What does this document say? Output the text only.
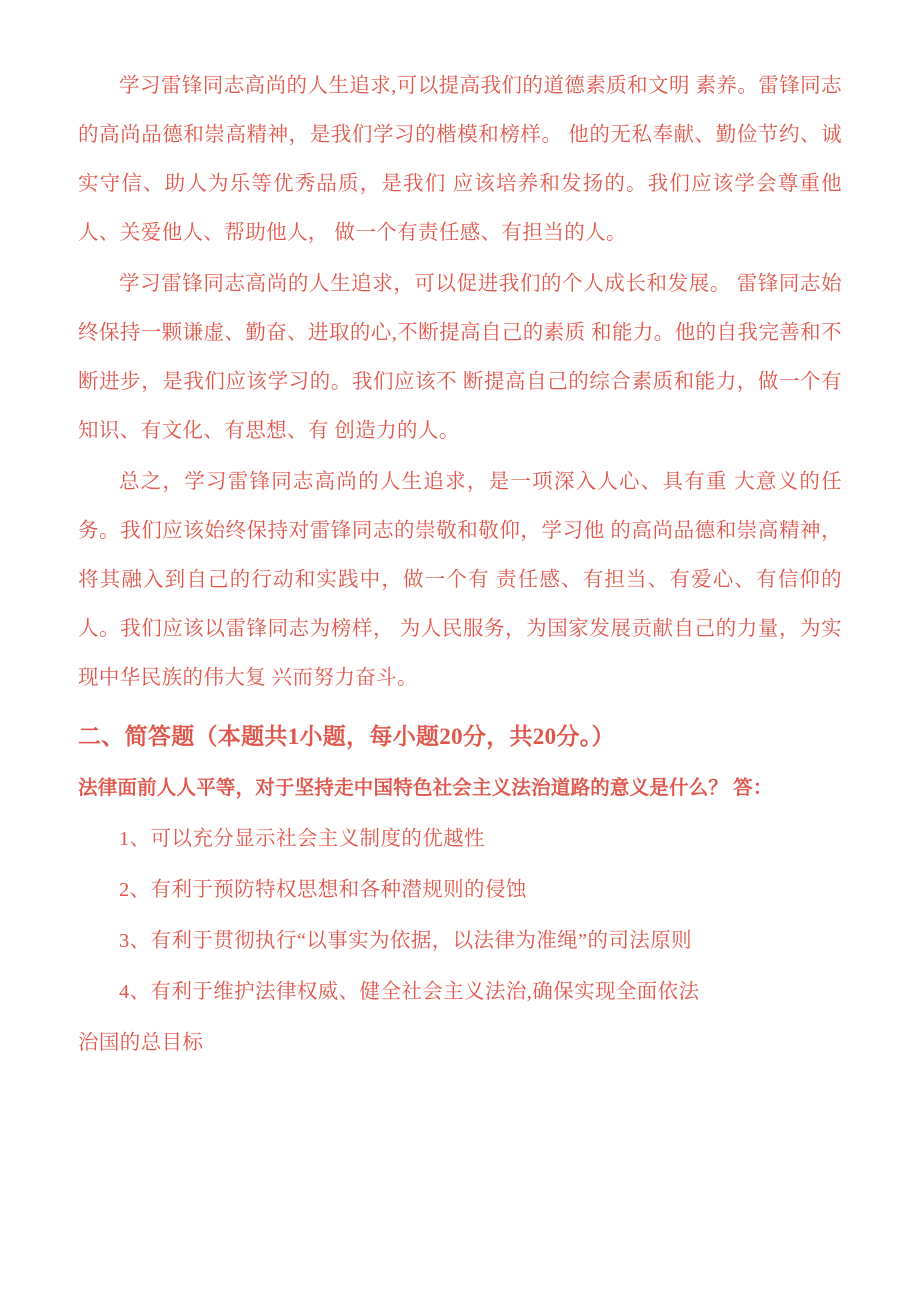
学习雷锋同志高尚的人生追求,可以提高我们的道德素质和文明 素养。雷锋同志的高尚品德和崇高精神，是我们学习的楷模和榜样。 他的无私奉献、勤俭节约、诚实守信、助人为乐等优秀品质，是我们 应该培养和发扬的。我们应该学会尊重他人、关爱他人、帮助他人， 做一个有责任感、有担当的人。

学习雷锋同志高尚的人生追求，可以促进我们的个人成长和发展。 雷锋同志始终保持一颗谦虚、勤奋、进取的心,不断提高自己的素质 和能力。他的自我完善和不断进步，是我们应该学习的。我们应该不 断提高自己的综合素质和能力，做一个有知识、有文化、有思想、有 创造力的人。

总之，学习雷锋同志高尚的人生追求，是一项深入人心、具有重 大意义的任务。我们应该始终保持对雷锋同志的崇敬和敬仰，学习他 的高尚品德和崇高精神，将其融入到自己的行动和实践中，做一个有 责任感、有担当、有爱心、有信仰的人。我们应该以雷锋同志为榜样， 为人民服务，为国家发展贡献自己的力量，为实现中华民族的伟大复 兴而努力奋斗。

二、简答题（本题共1小题，每小题20分，共20分。）

法律面前人人平等，对于坚持走中国特色社会主义法治道路的意义是什么？ 答：

1、可以充分显示社会主义制度的优越性

2、有利于预防特权思想和各种潜规则的侵蚀

3、有利于贯彻执行“以事实为依据，以法律为准绳”的司法原则

4、有利于维护法律权威、健全社会主义法治,确保实现全面依法

治国的总目标
